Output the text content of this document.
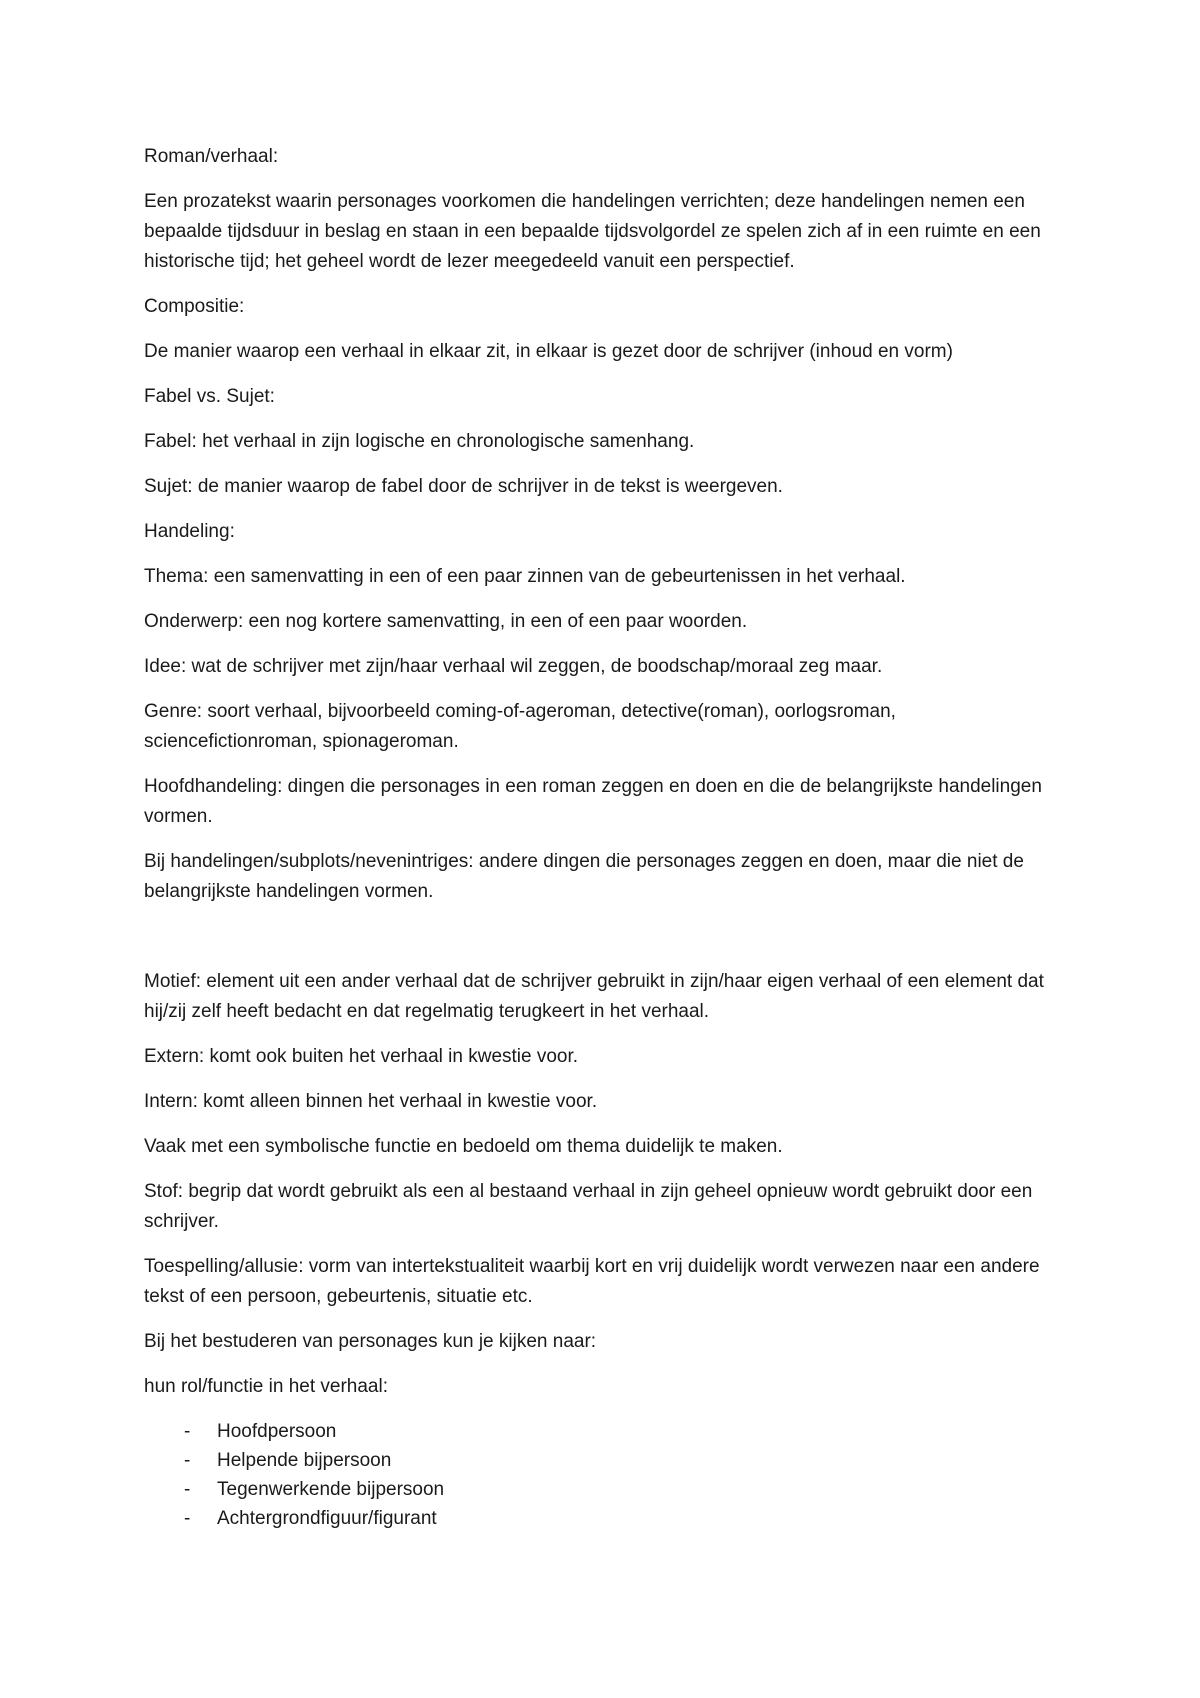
Roman/verhaal:

Een prozatekst waarin personages voorkomen die handelingen verrichten; deze handelingen nemen een bepaalde tijdsduur in beslag en staan in een bepaalde tijdsvolgordel ze spelen zich af in een ruimte en een historische tijd; het geheel wordt de lezer meegedeeld vanuit een perspectief.

Compositie:

De manier waarop een verhaal in elkaar zit, in elkaar is gezet door de schrijver (inhoud en vorm)

Fabel vs. Sujet:

Fabel: het verhaal in zijn logische en chronologische samenhang.

Sujet: de manier waarop de fabel door de schrijver in de tekst is weergeven.

Handeling:

Thema: een samenvatting in een of een paar zinnen van de gebeurtenissen in het verhaal.

Onderwerp: een nog kortere samenvatting, in een of een paar woorden.

Idee: wat de schrijver met zijn/haar verhaal wil zeggen, de boodschap/moraal zeg maar.

Genre: soort verhaal, bijvoorbeeld coming-of-ageroman, detective(roman), oorlogsroman, sciencefictionroman, spionageroman.

Hoofdhandeling: dingen die personages in een roman zeggen en doen en die de belangrijkste handelingen vormen.

Bij handelingen/subplots/nevenintriges: andere dingen die personages zeggen en doen, maar die niet de belangrijkste handelingen vormen.

Motief: element uit een ander verhaal dat de schrijver gebruikt in zijn/haar eigen verhaal of een element dat hij/zij zelf heeft bedacht en dat regelmatig terugkeert in het verhaal.

Extern: komt ook buiten het verhaal in kwestie voor.

Intern: komt alleen binnen het verhaal in kwestie voor.

Vaak met een symbolische functie en bedoeld om thema duidelijk te maken.

Stof: begrip dat wordt gebruikt als een al bestaand verhaal in zijn geheel opnieuw wordt gebruikt door een schrijver.

Toespelling/allusie: vorm van intertekstualiteit waarbij kort en vrij duidelijk wordt verwezen naar een andere tekst of een persoon, gebeurtenis, situatie etc.

Bij het bestuderen van personages kun je kijken naar:

hun rol/functie in het verhaal:

- Hoofdpersoon
- Helpende bijpersoon
- Tegenwerkende bijpersoon
- Achtergrondfiguur/figurant
